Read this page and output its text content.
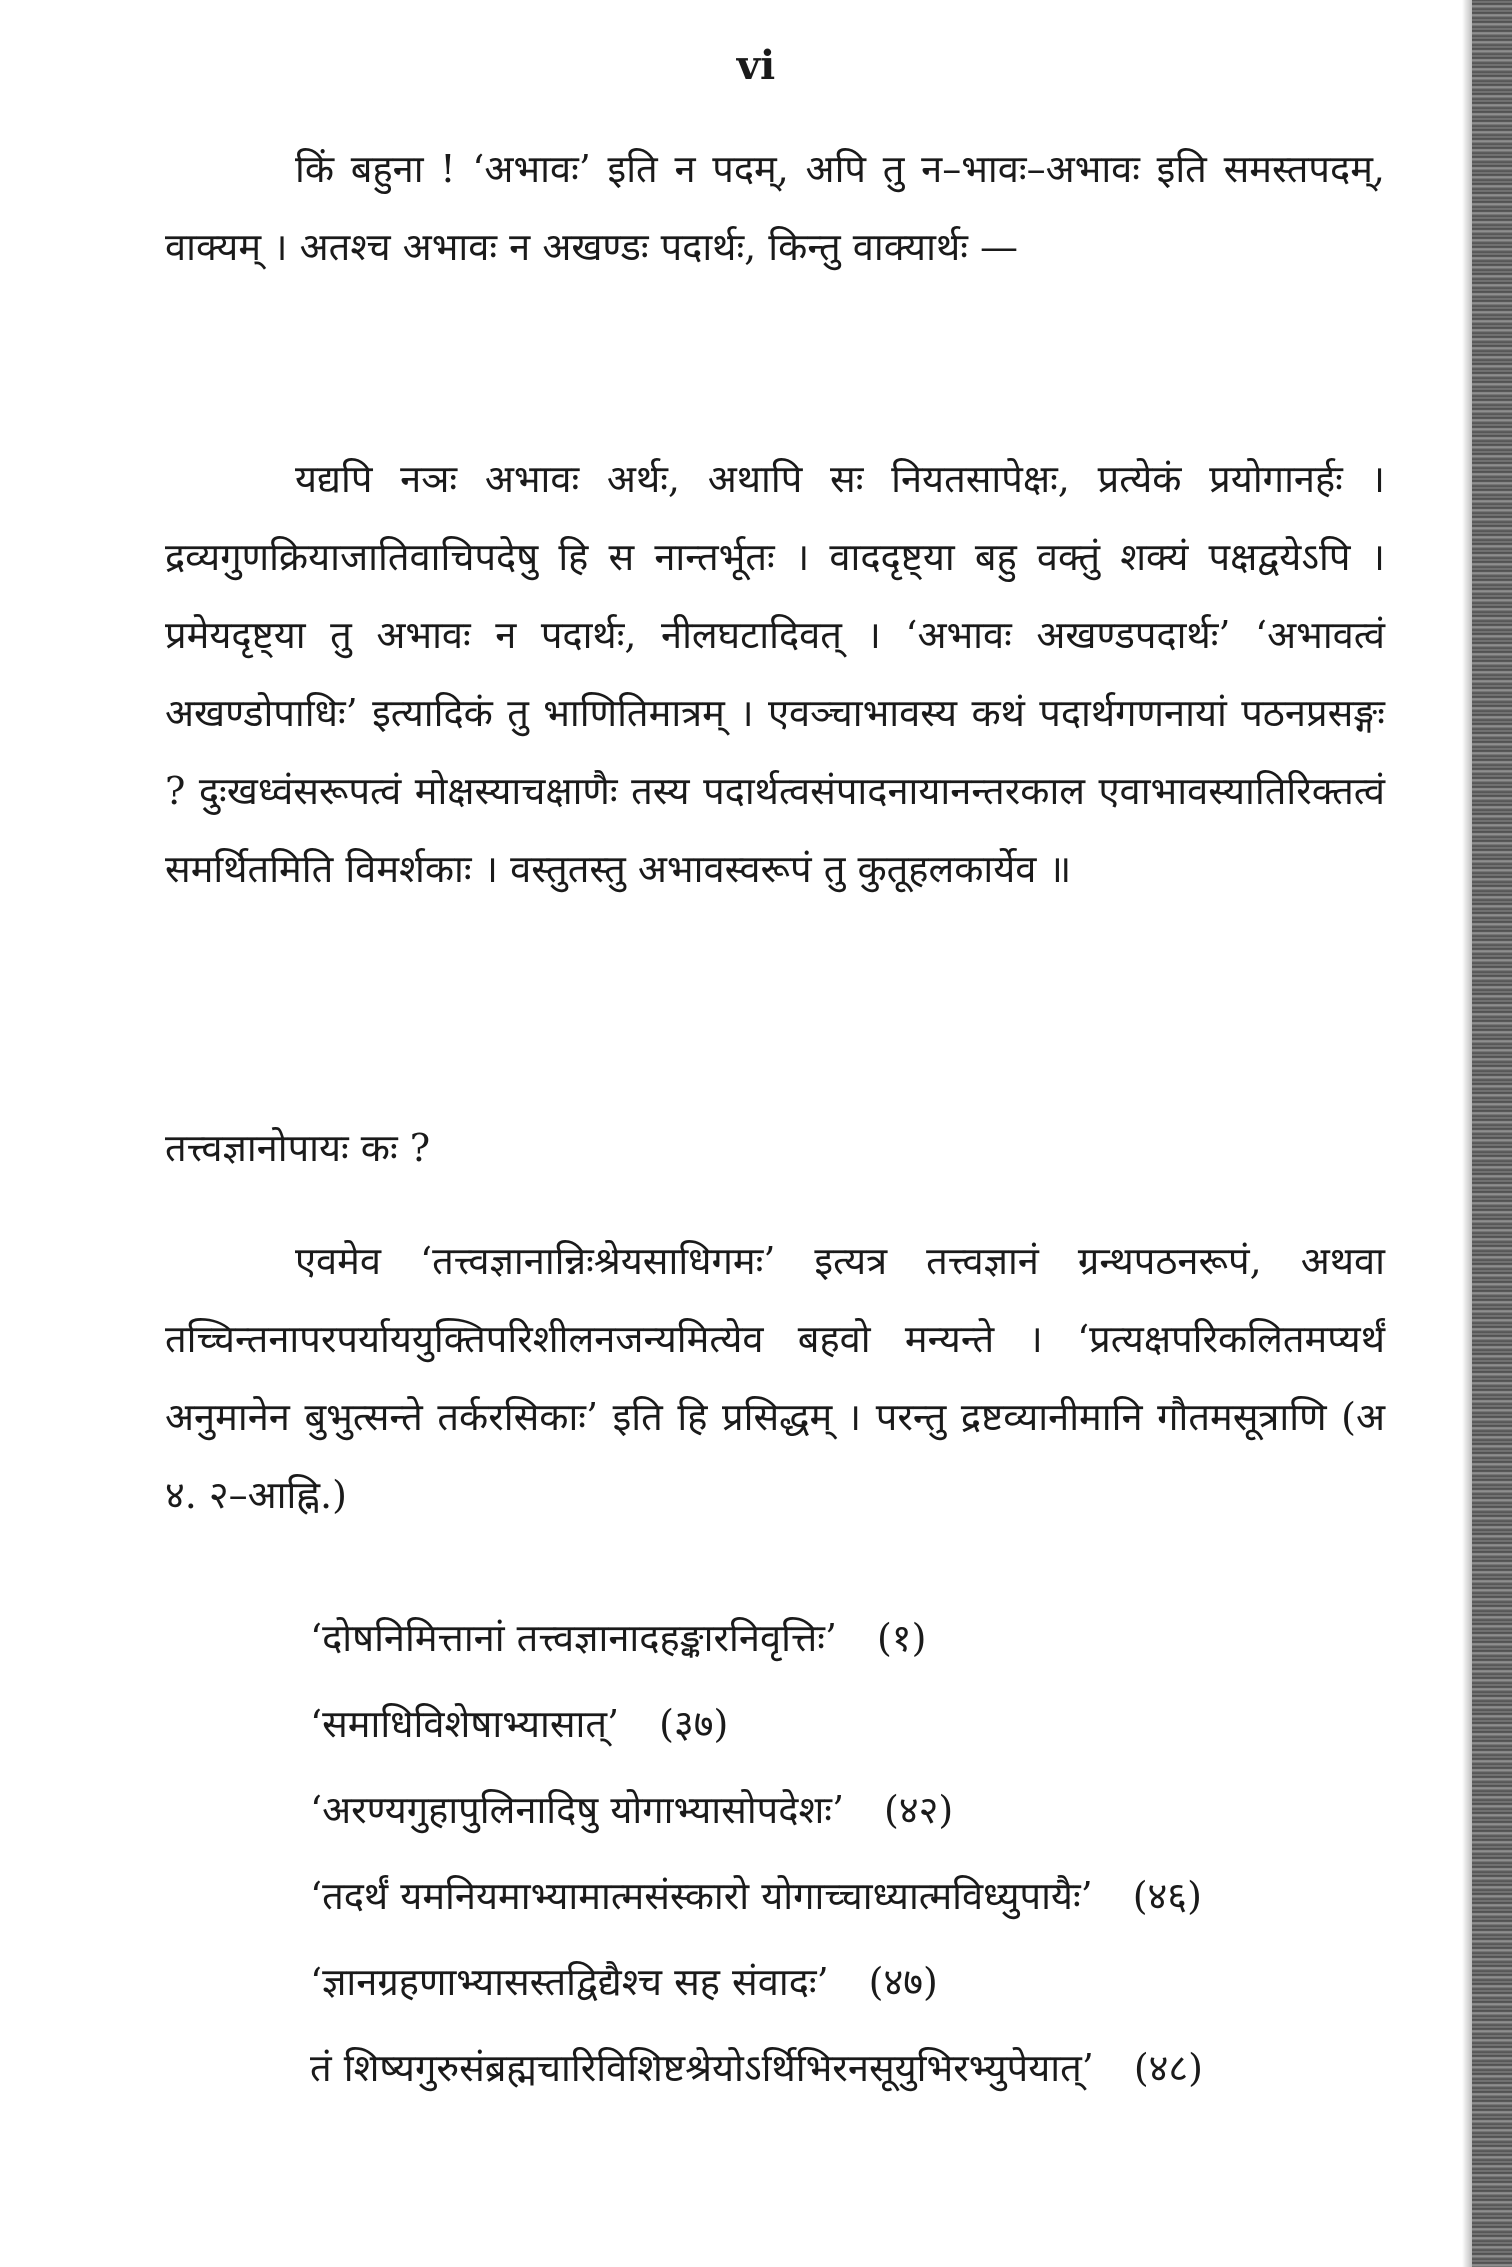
vi

किं बहुना ! ‘अभावः’ इति न पदम्, अपि तु न–भावः–अभावः इति समस्तपदम्, वाक्यम् । अतश्च अभावः न अखण्डः पदार्थः, किन्तु वाक्यार्थः —

यद्यपि नञः अभावः अर्थः, अथापि सः नियतसापेक्षः, प्रत्येकं प्रयोगानर्हः । द्रव्यगुणक्रियाजातिवाचिपदेषु हि स नान्तर्भूतः । वाददृष्ट्या बहु वक्तुं शक्यं पक्षद्वयेऽपि । प्रमेयदृष्ट्या तु अभावः न पदार्थः, नीलघटादिवत् । ‘अभावः अखण्डपदार्थः’ ‘अभावत्वं अखण्डोपाधिः’ इत्यादिकं तु भाणितिमात्रम् । एवञ्चाभावस्य कथं पदार्थगणनायां पठनप्रसङ्गः ? दुःखध्वंसरूपत्वं मोक्षस्याचक्षाणैः तस्य पदार्थत्वसंपादनायानन्तरकाल एवाभावस्यातिरिक्तत्वं समर्थितमिति विमर्शकाः । वस्तुतस्तु अभावस्वरूपं तु कुतूहलकार्येव ॥

तत्त्वज्ञानोपायः कः ?

एवमेव ‘तत्त्वज्ञानान्निःश्रेयसाधिगमः’ इत्यत्र तत्त्वज्ञानं ग्रन्थपठनरूपं, अथवा तच्चिन्तनापरपर्याययुक्तिपरिशीलनजन्यमित्येव बहवो मन्यन्ते । ‘प्रत्यक्षपरिकलितमप्यर्थं अनुमानेन बुभुत्सन्ते तर्करसिकाः’ इति हि प्रसिद्धम् । परन्तु द्रष्टव्यानीमानि गौतमसूत्राणि (अ ४. २–आह्नि.)

‘दोषनिमित्तानां तत्त्वज्ञानादहङ्कारनिवृत्तिः’ (१)
‘समाधिविशेषाभ्यासात्’ (३७)
‘अरण्यगुहापुलिनादिषु योगाभ्यासोपदेशः’ (४२)
‘तदर्थं यमनियमाभ्यामात्मसंस्कारो योगाच्चाध्यात्मविध्युपायैः’ (४६)
‘ज्ञानग्रहणाभ्यासस्तद्विद्यैश्च सह संवादः’ (४७)
तं शिष्यगुरुसंब्रह्मचारिविशिष्टश्रेयोऽर्थिभिरनसूयुभिरभ्युपेयात्’ (४८)
